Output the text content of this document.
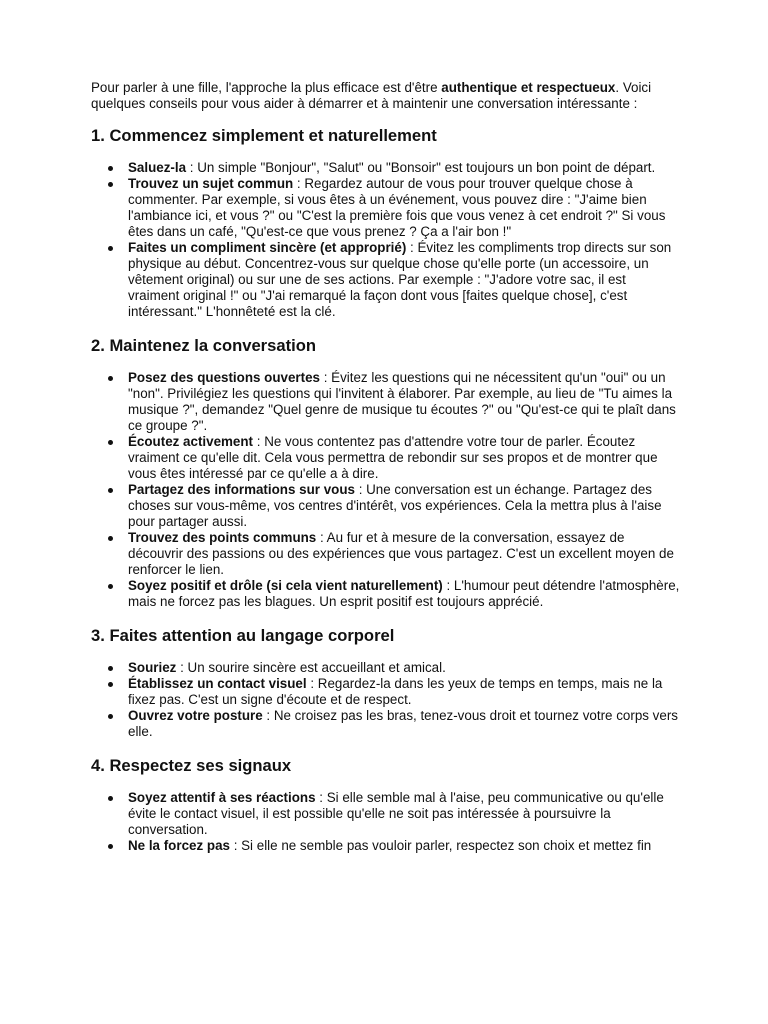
Pour parler à une fille, l'approche la plus efficace est d'être authentique et respectueux. Voici quelques conseils pour vous aider à démarrer et à maintenir une conversation intéressante :

1. Commencez simplement et naturellement
Saluez-la : Un simple "Bonjour", "Salut" ou "Bonsoir" est toujours un bon point de départ.
Trouvez un sujet commun : Regardez autour de vous pour trouver quelque chose à commenter. Par exemple, si vous êtes à un événement, vous pouvez dire : "J'aime bien l'ambiance ici, et vous ?" ou "C'est la première fois que vous venez à cet endroit ?" Si vous êtes dans un café, "Qu'est-ce que vous prenez ? Ça a l'air bon !"
Faites un compliment sincère (et approprié) : Évitez les compliments trop directs sur son physique au début. Concentrez-vous sur quelque chose qu'elle porte (un accessoire, un vêtement original) ou sur une de ses actions. Par exemple : "J'adore votre sac, il est vraiment original !" ou "J'ai remarqué la façon dont vous [faites quelque chose], c'est intéressant." L'honnêteté est la clé.
2. Maintenez la conversation
Posez des questions ouvertes : Évitez les questions qui ne nécessitent qu'un "oui" ou un "non". Privilégiez les questions qui l'invitent à élaborer. Par exemple, au lieu de "Tu aimes la musique ?", demandez "Quel genre de musique tu écoutes ?" ou "Qu'est-ce qui te plaît dans ce groupe ?".
Écoutez activement : Ne vous contentez pas d'attendre votre tour de parler. Écoutez vraiment ce qu'elle dit. Cela vous permettra de rebondir sur ses propos et de montrer que vous êtes intéressé par ce qu'elle a à dire.
Partagez des informations sur vous : Une conversation est un échange. Partagez des choses sur vous-même, vos centres d'intérêt, vos expériences. Cela la mettra plus à l'aise pour partager aussi.
Trouvez des points communs : Au fur et à mesure de la conversation, essayez de découvrir des passions ou des expériences que vous partagez. C'est un excellent moyen de renforcer le lien.
Soyez positif et drôle (si cela vient naturellement) : L'humour peut détendre l'atmosphère, mais ne forcez pas les blagues. Un esprit positif est toujours apprécié.
3. Faites attention au langage corporel
Souriez : Un sourire sincère est accueillant et amical.
Établissez un contact visuel : Regardez-la dans les yeux de temps en temps, mais ne la fixez pas. C'est un signe d'écoute et de respect.
Ouvrez votre posture : Ne croisez pas les bras, tenez-vous droit et tournez votre corps vers elle.
4. Respectez ses signaux
Soyez attentif à ses réactions : Si elle semble mal à l'aise, peu communicative ou qu'elle évite le contact visuel, il est possible qu'elle ne soit pas intéressée à poursuivre la conversation.
Ne la forcez pas : Si elle ne semble pas vouloir parler, respectez son choix et mettez fin
